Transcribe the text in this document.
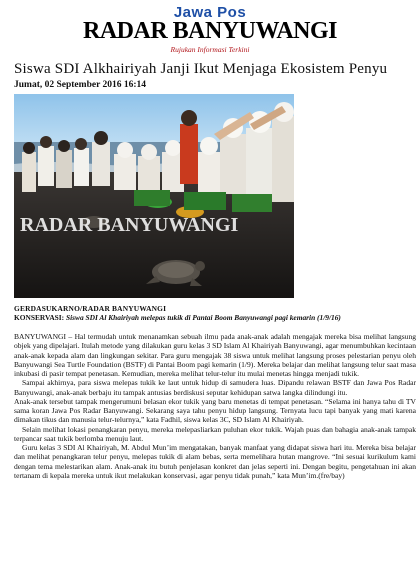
Jawa Pos
RADAR BANYUWANGI
Rujukan Informasi Terkini
Siswa SDI Alkhairiyah Janji Ikut Menjaga Ekosistem Penyu
Jumat, 02 September 2016 16:14
RADAR BANYUWANGI
GERDASUKARNO/RADAR BANYUWANGI
KONSERVASI: Siswa SDI Al Khairiyah melepas tukik di Pantai Boom Banyuwangi pagi kemarin (1/9/16)

BANYUWANGI – Hal termudah untuk menanamkan sebuah ilmu pada anak-anak adalah mengajak mereka bisa melihat langsung objek yang dipelajari. Itulah metode yang dilakukan guru kelas 3 SD Islam Al Khairiyah Banyuwangi, agar menumbuhkan kecintaan anak-anak kepada alam dan lingkungan sekitar. Para guru mengajak 38 siswa untuk melihat langsung proses pelestarian penyu oleh Banyuwangi Sea Turtle Foundation (BSTF) di Pantai Boom pagi kemarin (1/9). Mereka belajar dan melihat langsung telur saat masa inkubasi di pasir tempat penetasan. Kemudian, mereka melihat telur-telur itu mulai menetas hingga menjadi tukik.

Sampai akhirnya, para siswa melepas tukik ke laut untuk hidup di samudera luas. Dipandu relawan BSTF dan Jawa Pos Radar Banyuwangi, anak-anak berbaju itu tampak antusias berdiskusi seputar kehidupan satwa langka dilindungi itu.

Anak-anak tersebut tampak mengerumuni belasan ekor tukik yang baru menetas di tempat penetasan. “Selama ini hanya tahu di TV sama koran Jawa Pos Radar Banyuwangi. Sekarang saya tahu penyu hidup langsung. Ternyata lucu tapi banyak yang mati karena dimakan tikus dan manusia telur-telurnya,” kata Fadhil, siswa kelas 3C, SD Islam Al Khairiyah.

Selain melihat lokasi penangkaran penyu, mereka melepasliarkan puluhan ekor tukik. Wajah puas dan bahagia anak-anak tampak terpancar saat tukik berlomba menuju laut.

Guru kelas 3 SDI Al Khairiyah, M. Abdul Mun’im mengatakan, banyak manfaat yang didapat siswa hari itu. Mereka bisa belajar dan melihat penangkaran telur penyu, melepas tukik di alam bebas, serta memelihara hutan mangrove. “Ini sesuai kurikulum kami dengan tema melestarikan alam. Anak-anak itu butuh penjelasan konkret dan jelas seperti ini. Dengan begitu, pengetahuan ini akan tertanam di kepala mereka untuk ikut melakukan konservasi, agar penyu tidak punah,” kata Mun’im.(fre/bay)
